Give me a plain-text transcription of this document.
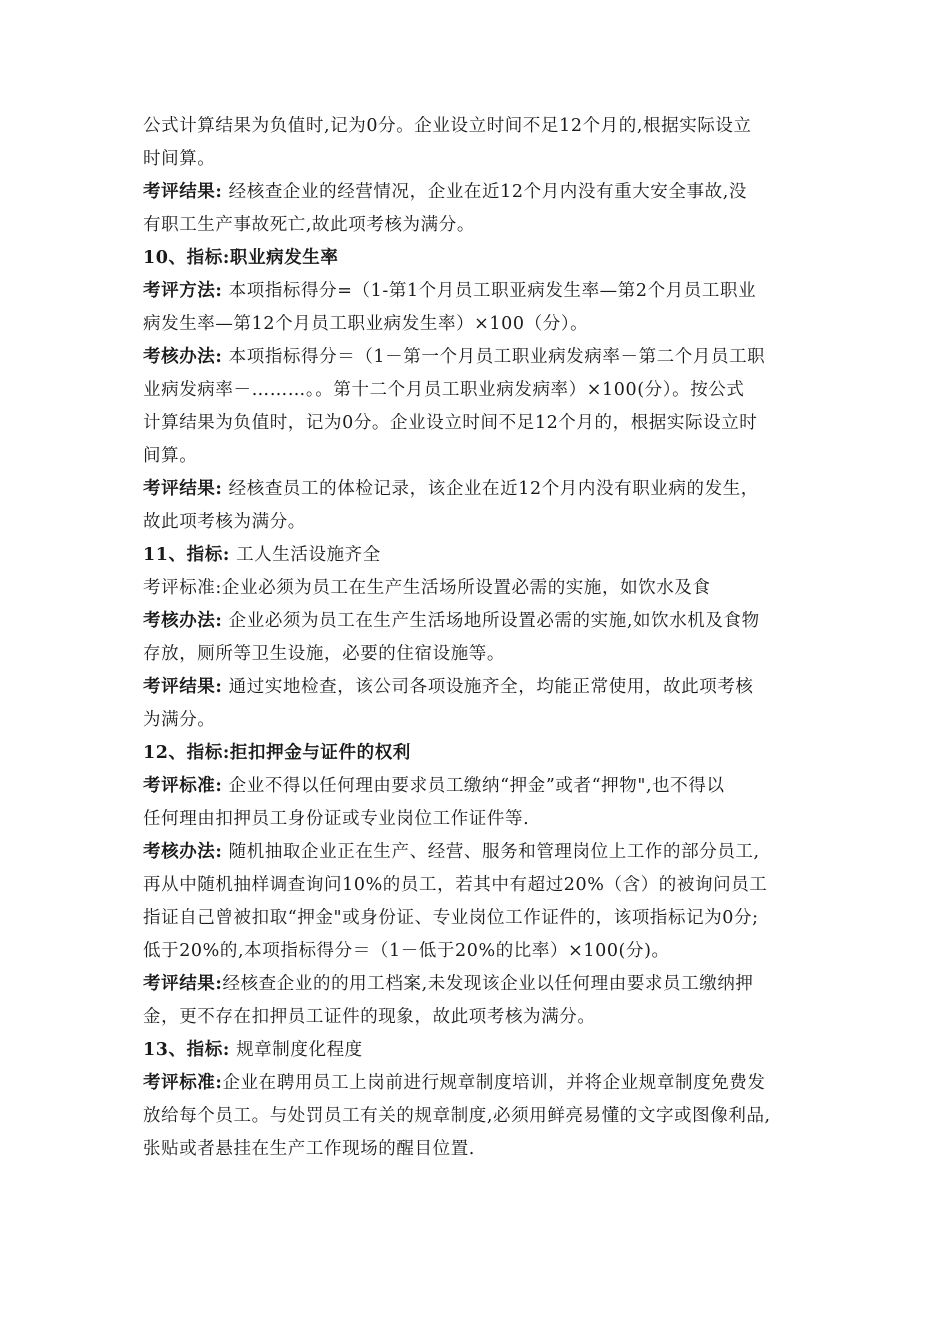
公式计算结果为负值时,记为0分。企业设立时间不足12个月的,根据实际设立
时间算。
考评结果: 经核查企业的经营情况，企业在近12个月内没有重大安全事故,没
有职工生产事故死亡,故此项考核为满分。
10、指标:职业病发生率
考评方法: 本项指标得分=（1-第1个月员工职亚病发生率—第2个月员工职业
病发生率—第12个月员工职业病发生率）×100（分）。
考核办法: 本项指标得分＝（1－第一个月员工职业病发病率－第二个月员工职
业病发病率－………。。第十二个月员工职业病发病率）×100(分）。按公式
计算结果为负值时，记为0分。企业设立时间不足12个月的，根据实际设立时
间算。
考评结果: 经核查员工的体检记录，该企业在近12个月内没有职业病的发生，
故此项考核为满分。
11、指标: 工人生活设施齐全
考评标准:企业必须为员工在生产生活场所设置必需的实施，如饮水及食
考核办法: 企业必须为员工在生产生活场地所设置必需的实施,如饮水机及食物
存放，厕所等卫生设施，必要的住宿设施等。
考评结果: 通过实地检查，该公司各项设施齐全，均能正常使用，故此项考核
为满分。
12、指标:拒扣押金与证件的权利
考评标准: 企业不得以任何理由要求员工缴纳“押金”或者“押物",也不得以
任何理由扣押员工身份证或专业岗位工作证件等.
考核办法: 随机抽取企业正在生产、经营、服务和管理岗位上工作的部分员工,
再从中随机抽样调查询问10%的员工，若其中有超过20%（含）的被询问员工
指证自己曾被扣取“押金"或身份证、专业岗位工作证件的，该项指标记为0分;
低于20%的,本项指标得分＝（1－低于20%的比率）×100(分)。
考评结果:经核查企业的的用工档案,未发现该企业以任何理由要求员工缴纳押
金，更不存在扣押员工证件的现象，故此项考核为满分。
13、指标: 规章制度化程度
考评标准:企业在聘用员工上岗前进行规章制度培训，并将企业规章制度免费发
放给每个员工。与处罚员工有关的规章制度,必须用鲜亮易懂的文字或图像利品,
张贴或者悬挂在生产工作现场的醒目位置.
